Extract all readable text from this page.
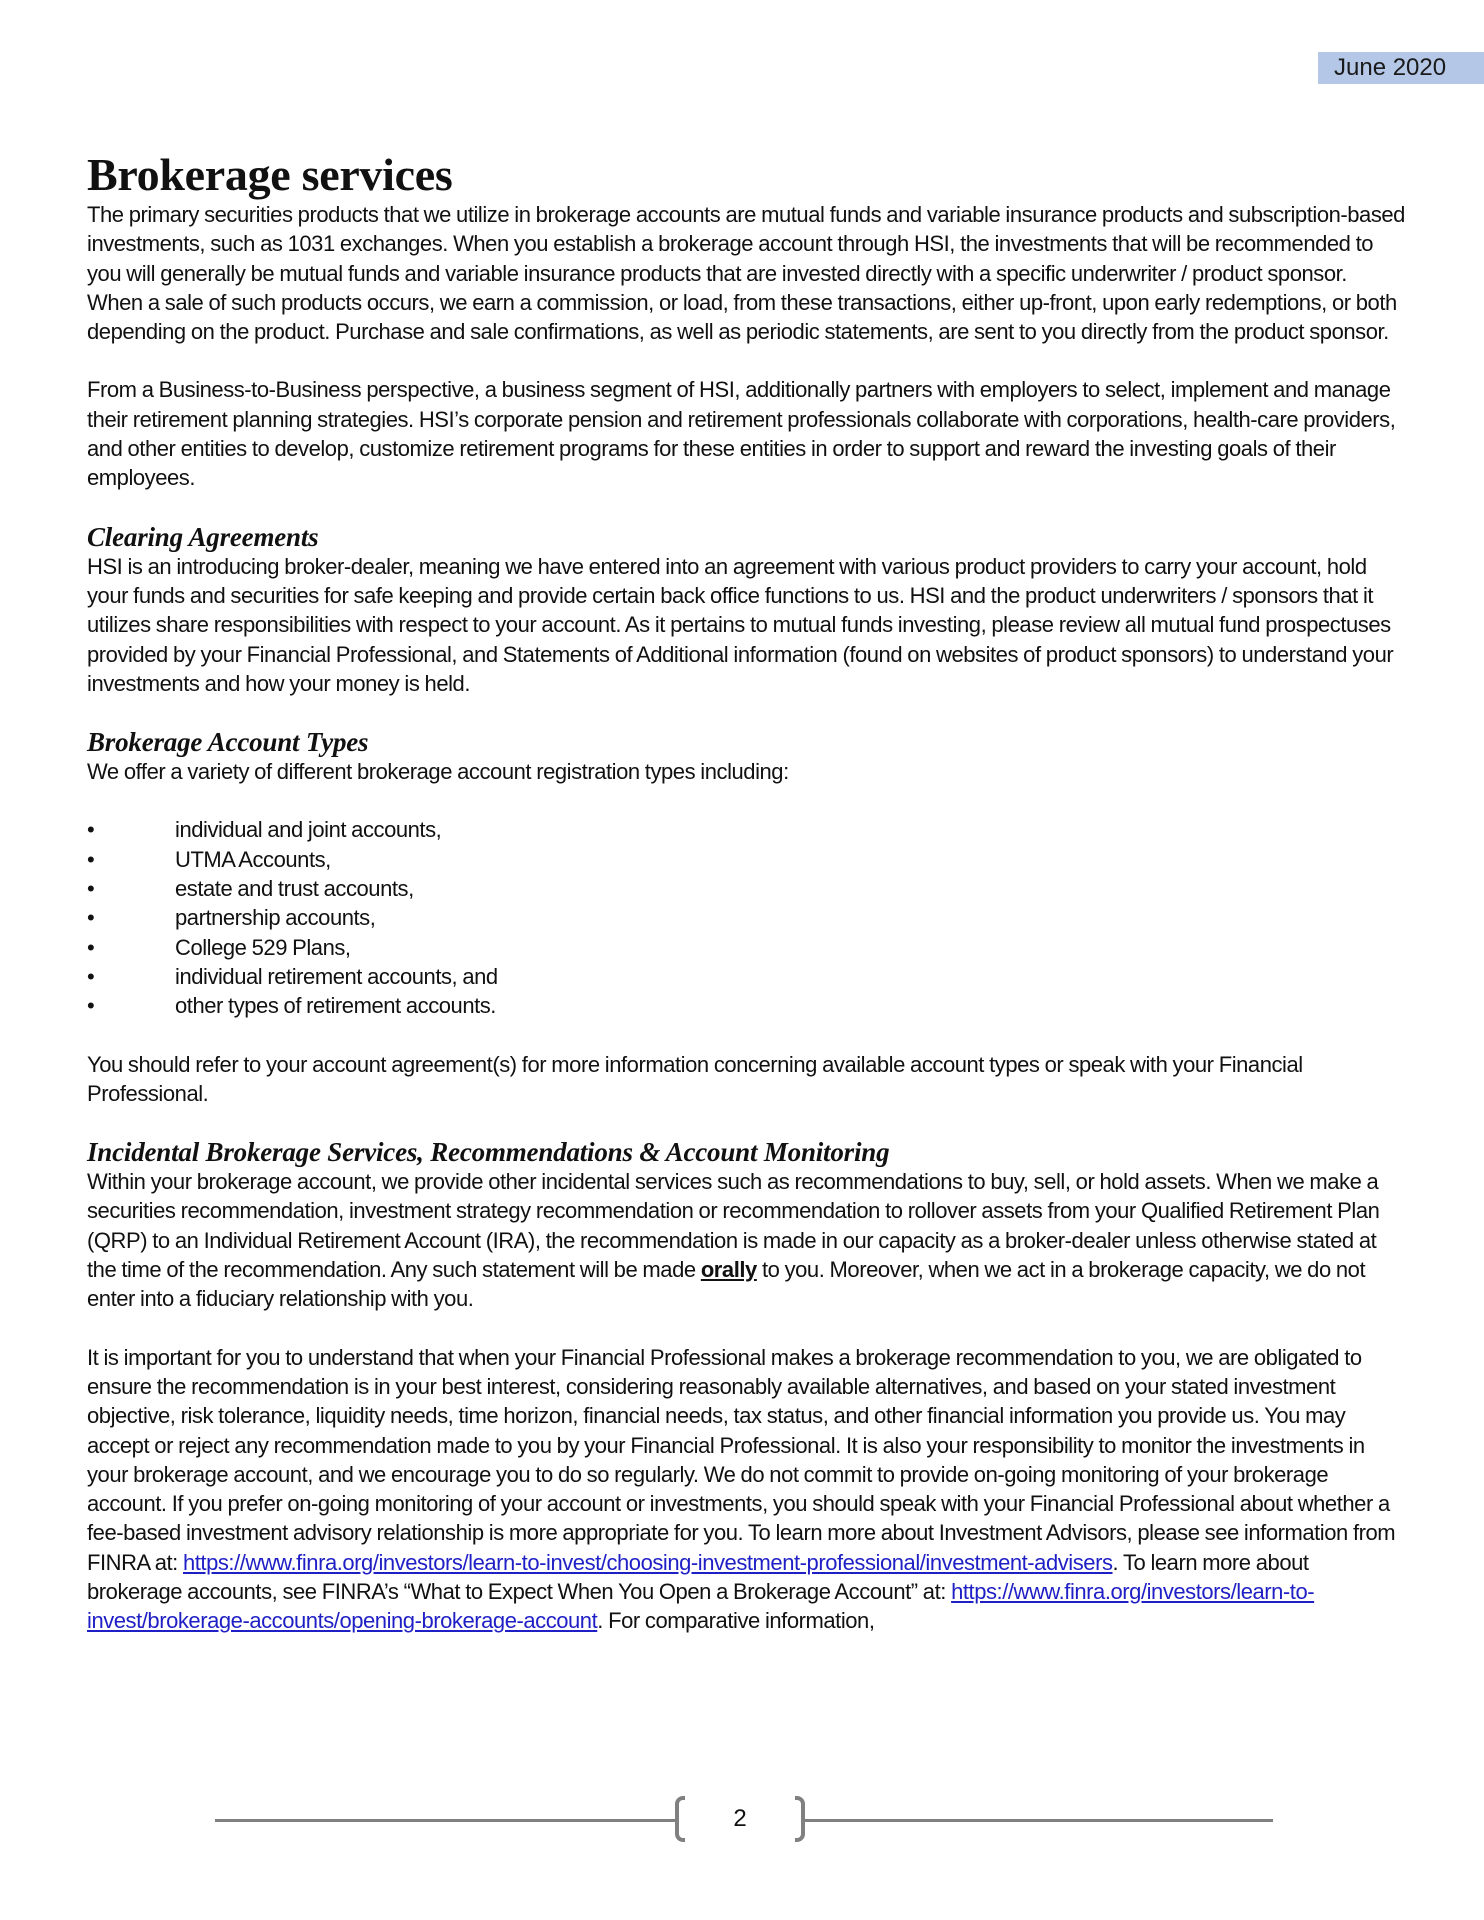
June 2020
Brokerage services

The primary securities products that we utilize in brokerage accounts are mutual funds and variable insurance products and subscription-based investments, such as 1031 exchanges. When you establish a brokerage account through HSI, the investments that will be recommended to you will generally be mutual funds and variable insurance products that are invested directly with a specific underwriter / product sponsor. When a sale of such products occurs, we earn a commission, or load, from these transactions, either up-front, upon early redemptions, or both depending on the product. Purchase and sale confirmations, as well as periodic statements, are sent to you directly from the product sponsor.

From a Business-to-Business perspective, a business segment of HSI, additionally partners with employers to select, implement and manage their retirement planning strategies. HSI’s corporate pension and retirement professionals collaborate with corporations, health-care providers, and other entities to develop, customize retirement programs for these entities in order to support and reward the investing goals of their employees.

Clearing Agreements

HSI is an introducing broker-dealer, meaning we have entered into an agreement with various product providers to carry your account, hold your funds and securities for safe keeping and provide certain back office functions to us. HSI and the product underwriters / sponsors that it utilizes share responsibilities with respect to your account. As it pertains to mutual funds investing, please review all mutual fund prospectuses provided by your Financial Professional, and Statements of Additional information (found on websites of product sponsors) to understand your investments and how your money is held.

Brokerage Account Types

We offer a variety of different brokerage account registration types including:

•	individual and joint accounts,
•	UTMA Accounts,
•	estate and trust accounts,
•	partnership accounts,
•	College 529 Plans,
•	individual retirement accounts, and
•	other types of retirement accounts.

You should refer to your account agreement(s) for more information concerning available account types or speak with your Financial Professional.

Incidental Brokerage Services, Recommendations & Account Monitoring

Within your brokerage account, we provide other incidental services such as recommendations to buy, sell, or hold assets. When we make a securities recommendation, investment strategy recommendation or recommendation to rollover assets from your Qualified Retirement Plan (QRP) to an Individual Retirement Account (IRA), the recommendation is made in our capacity as a broker-dealer unless otherwise stated at the time of the recommendation. Any such statement will be made orally to you. Moreover, when we act in a brokerage capacity, we do not enter into a fiduciary relationship with you.

It is important for you to understand that when your Financial Professional makes a brokerage recommendation to you, we are obligated to ensure the recommendation is in your best interest, considering reasonably available alternatives, and based on your stated investment objective, risk tolerance, liquidity needs, time horizon, financial needs, tax status, and other financial information you provide us. You may accept or reject any recommendation made to you by your Financial Professional. It is also your responsibility to monitor the investments in your brokerage account, and we encourage you to do so regularly. We do not commit to provide on-going monitoring of your brokerage account. If you prefer on-going monitoring of your account or investments, you should speak with your Financial Professional about whether a fee-based investment advisory relationship is more appropriate for you. To learn more about Investment Advisors, please see information from FINRA at: https://www.finra.org/investors/learn-to-invest/choosing-investment-professional/investment-advisers. To learn more about brokerage accounts, see FINRA’s “What to Expect When You Open a Brokerage Account” at: https://www.finra.org/investors/learn-to-invest/brokerage-accounts/opening-brokerage-account. For comparative information,

2
